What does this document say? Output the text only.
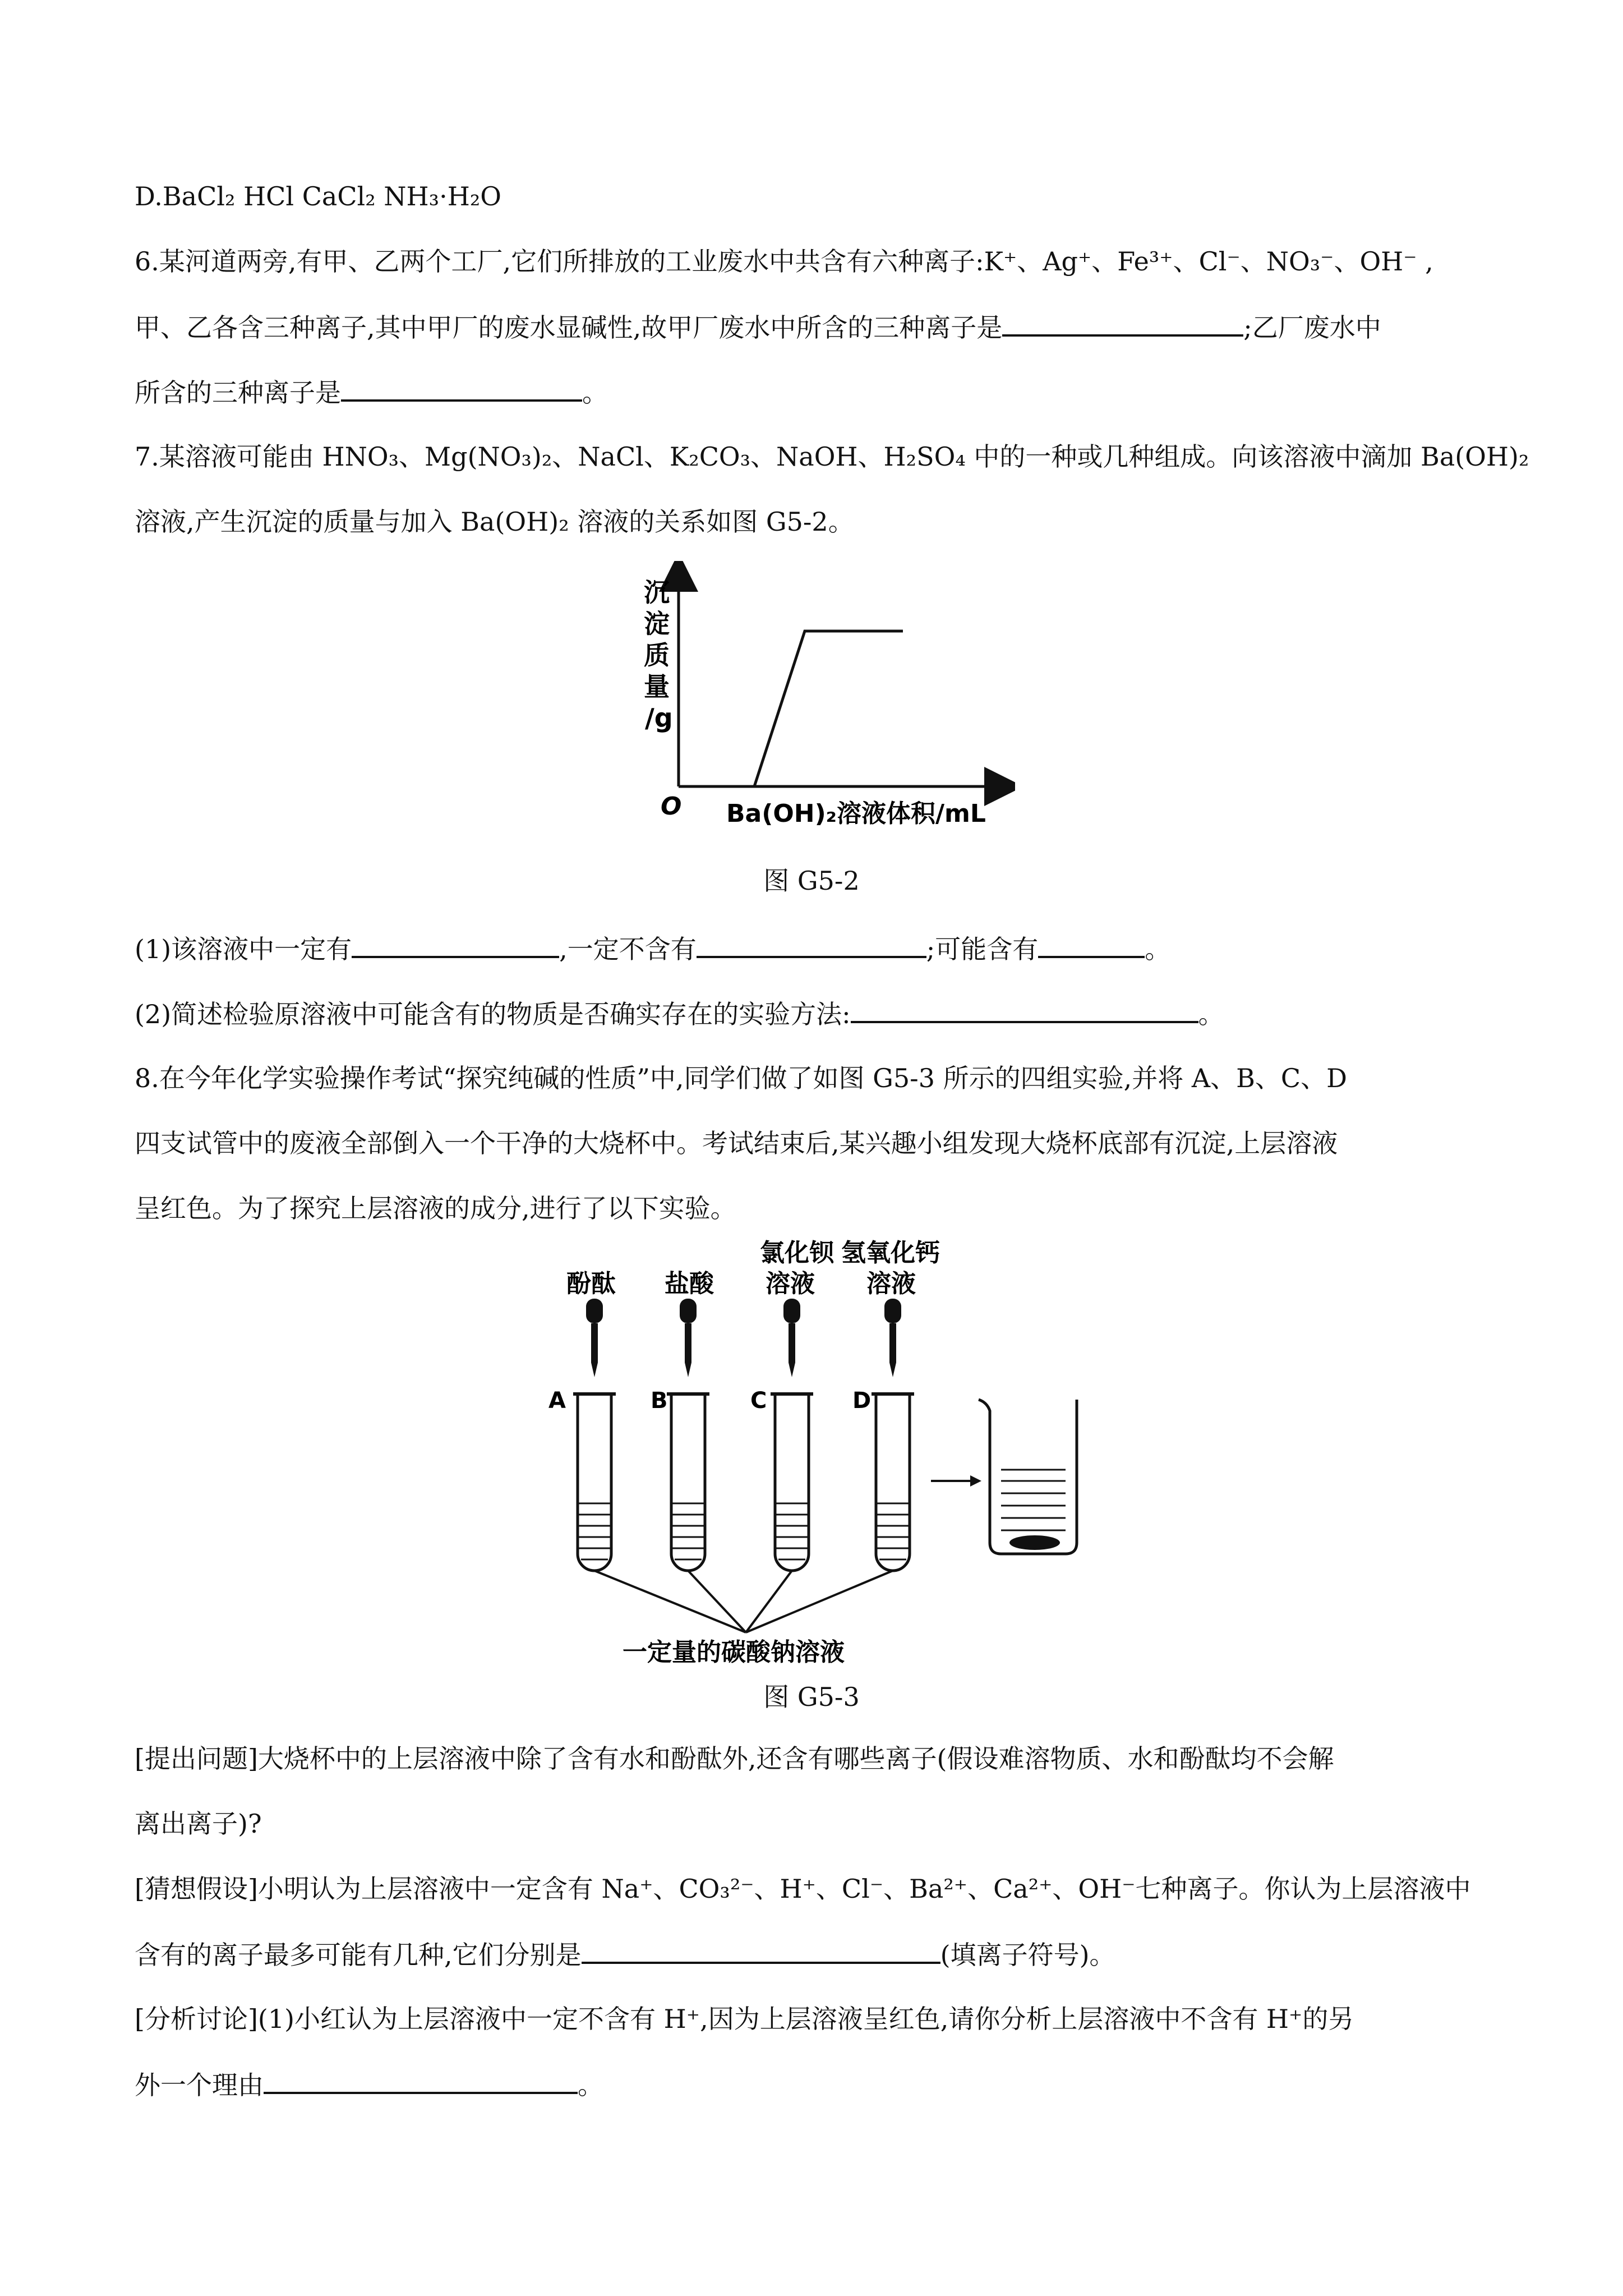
D.BaCl₂ HCl CaCl₂ NH₃·H₂O
6.某河道两旁,有甲、乙两个工厂,它们所排放的工业废水中共含有六种离子:K⁺、Ag⁺、Fe³⁺、Cl⁻、NO₃⁻、OH⁻ ,
甲、乙各含三种离子,其中甲厂的废水显碱性,故甲厂废水中所含的三种离子是	;乙厂废水中
所含的三种离子是	。
7.某溶液可能由 HNO₃、Mg(NO₃)₂、NaCl、K₂CO₃、NaOH、H₂SO₄ 中的一种或几种组成。向该溶液中滴加 Ba(OH)₂
溶液,产生沉淀的质量与加入 Ba(OH)₂ 溶液的关系如图 G5-2。
沉
淀
质
量
/g
O Ba(OH)₂溶液体积/mL
图 G5-2
(1)该溶液中一定有	,一定不含有	;可能含有	。
(2)简述检验原溶液中可能含有的物质是否确实存在的实验方法:	。
8.在今年化学实验操作考试“探究纯碱的性质”中,同学们做了如图 G5-3 所示的四组实验,并将 A、B、C、D
四支试管中的废液全部倒入一个干净的大烧杯中。考试结束后,某兴趣小组发现大烧杯底部有沉淀,上层溶液
呈红色。为了探究上层溶液的成分,进行了以下实验。
酚酞 盐酸
氯化钡
溶液
氢氧化钙
溶液
A	B	C	D
一定量的碳酸钠溶液
图 G5-3
[提出问题]大烧杯中的上层溶液中除了含有水和酚酞外,还含有哪些离子(假设难溶物质、水和酚酞均不会解
离出离子)?
[猜想假设]小明认为上层溶液中一定含有 Na⁺、CO₃²⁻、H⁺、Cl⁻、Ba²⁺、Ca²⁺、OH⁻七种离子。你认为上层溶液中
含有的离子最多可能有几种,它们分别是	(填离子符号)。
[分析讨论](1)小红认为上层溶液中一定不含有 H⁺,因为上层溶液呈红色,请你分析上层溶液中不含有 H⁺的另
外一个理由	。
